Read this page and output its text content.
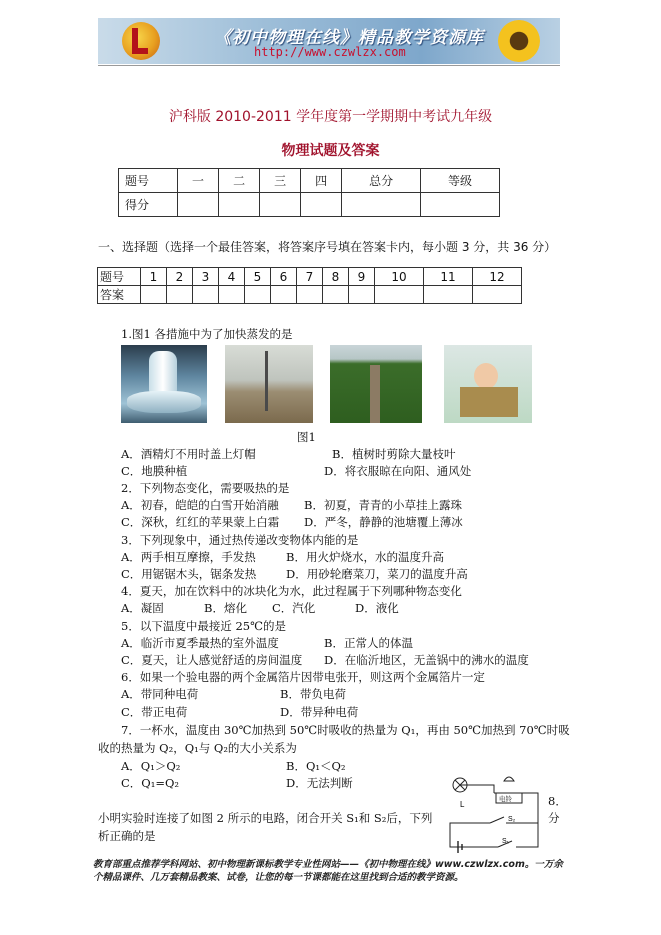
《初中物理在线》精品教学资源库
http://www.czwlzx.com
沪科版 2010-2011 学年度第一学期期中考试九年级
物理试题及答案
题号	一	二	三	四	总分	等级
得分						
一、选择题（选择一个最佳答案，将答案序号填在答案卡内，每小题 3 分，共 36 分）
题号	1	2	3	4	5	6	7	8	9	10	11	12
答案												
1.图1 各措施中为了加快蒸发的是
图1
A．酒精灯不用时盖上灯帽	B．植树时剪除大量枝叶
C．地膜种植	D．将衣服晾在向阳、通风处
2．下列物态变化，需要吸热的是
A．初春，皑皑的白雪开始消融 B．初夏，青青的小草挂上露珠
C．深秋，红红的苹果蒙上白霜 D．严冬，静静的池塘覆上薄冰
3．下列现象中，通过热传递改变物体内能的是
A．两手相互摩擦，手发热	B．用火炉烧水，水的温度升高
C．用锯锯木头，锯条发热	D．用砂轮磨菜刀，菜刀的温度升高
4．夏天，加在饮料中的冰块化为水，此过程属于下列哪种物态变化
A．凝固	B．熔化 C．汽化	D．液化
5．以下温度中最接近 25℃的是
A．临沂市夏季最热的室外温度	B．正常人的体温
C．夏天，让人感觉舒适的房间温度 D．在临沂地区，无盖锅中的沸水的温度
6．如果一个验电器的两个金属箔片因带电张开，则这两个金属箔片一定
A．带同种电荷	B．带负电荷
C．带正电荷	D．带异种电荷
7．一杯水，温度由 30℃加热到 50℃时吸收的热量为 Q₁，再由 50℃加热到 70℃时吸
收的热量为 Q₂，Q₁与 Q₂的大小关系为
A．Q₁＞Q₂	B．Q₁＜Q₂
C．Q₁=Q₂	D．无法判断
8．
分
小明实验时连接了如图 2 所示的电路，闭合开关 S₁和 S₂后，下列
析正确的是
L
电铃
S₂
S₁
教育部重点推荐学科网站、初中物理新课标教学专业性网站——《初中物理在线》www.czwlzx.com。一万余
个精品课件、几万套精品教案、试卷，让您的每一节课都能在这里找到合适的教学资源。
